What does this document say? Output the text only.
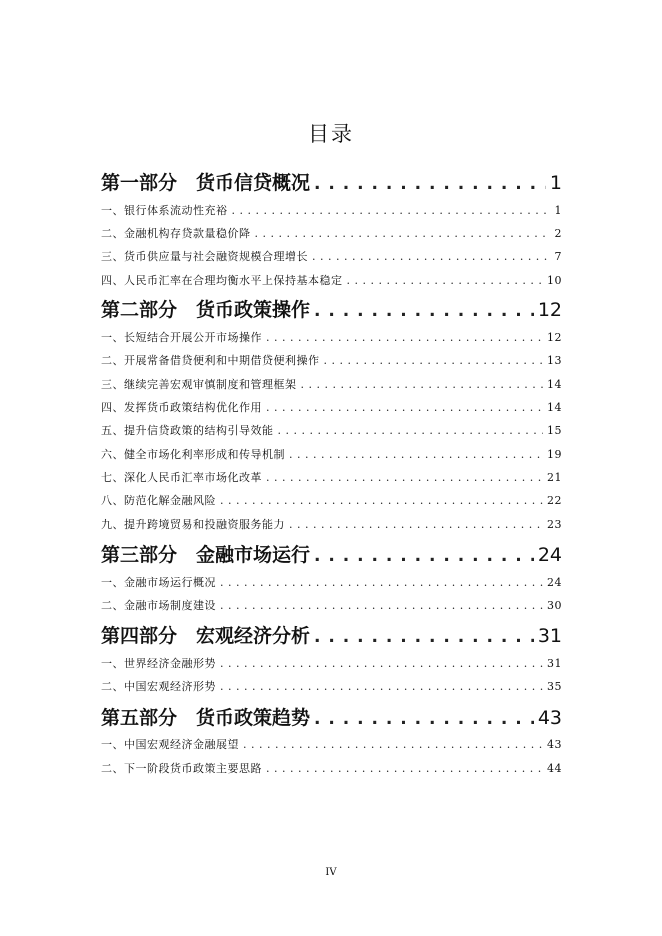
目录
第一部分　货币信贷概况 . . .	1
一、银行体系流动性充裕 . . .	1
二、金融机构存贷款量稳价降 . . .	2
三、货币供应量与社会融资规模合理增长 . . .	7
四、人民币汇率在合理均衡水平上保持基本稳定 . . .	10
第二部分　货币政策操作 . . .	12
一、长短结合开展公开市场操作 . . .	12
二、开展常备借贷便利和中期借贷便利操作 . . .	13
三、继续完善宏观审慎制度和管理框架 . . .	14
四、发挥货币政策结构优化作用 . . .	14
五、提升信贷政策的结构引导效能 . . .	15
六、健全市场化利率形成和传导机制 . . .	19
七、深化人民币汇率市场化改革 . . .	21
八、防范化解金融风险 . . .	22
九、提升跨境贸易和投融资服务能力 . . .	23
第三部分　金融市场运行 . . .	24
一、金融市场运行概况 . . .	24
二、金融市场制度建设 . . .	30
第四部分　宏观经济分析 . . .	31
一、世界经济金融形势 . . .	31
二、中国宏观经济形势 . . .	35
第五部分　货币政策趋势 . . .	43
一、中国宏观经济金融展望 . . .	43
二、下一阶段货币政策主要思路 . . .	44
IV
